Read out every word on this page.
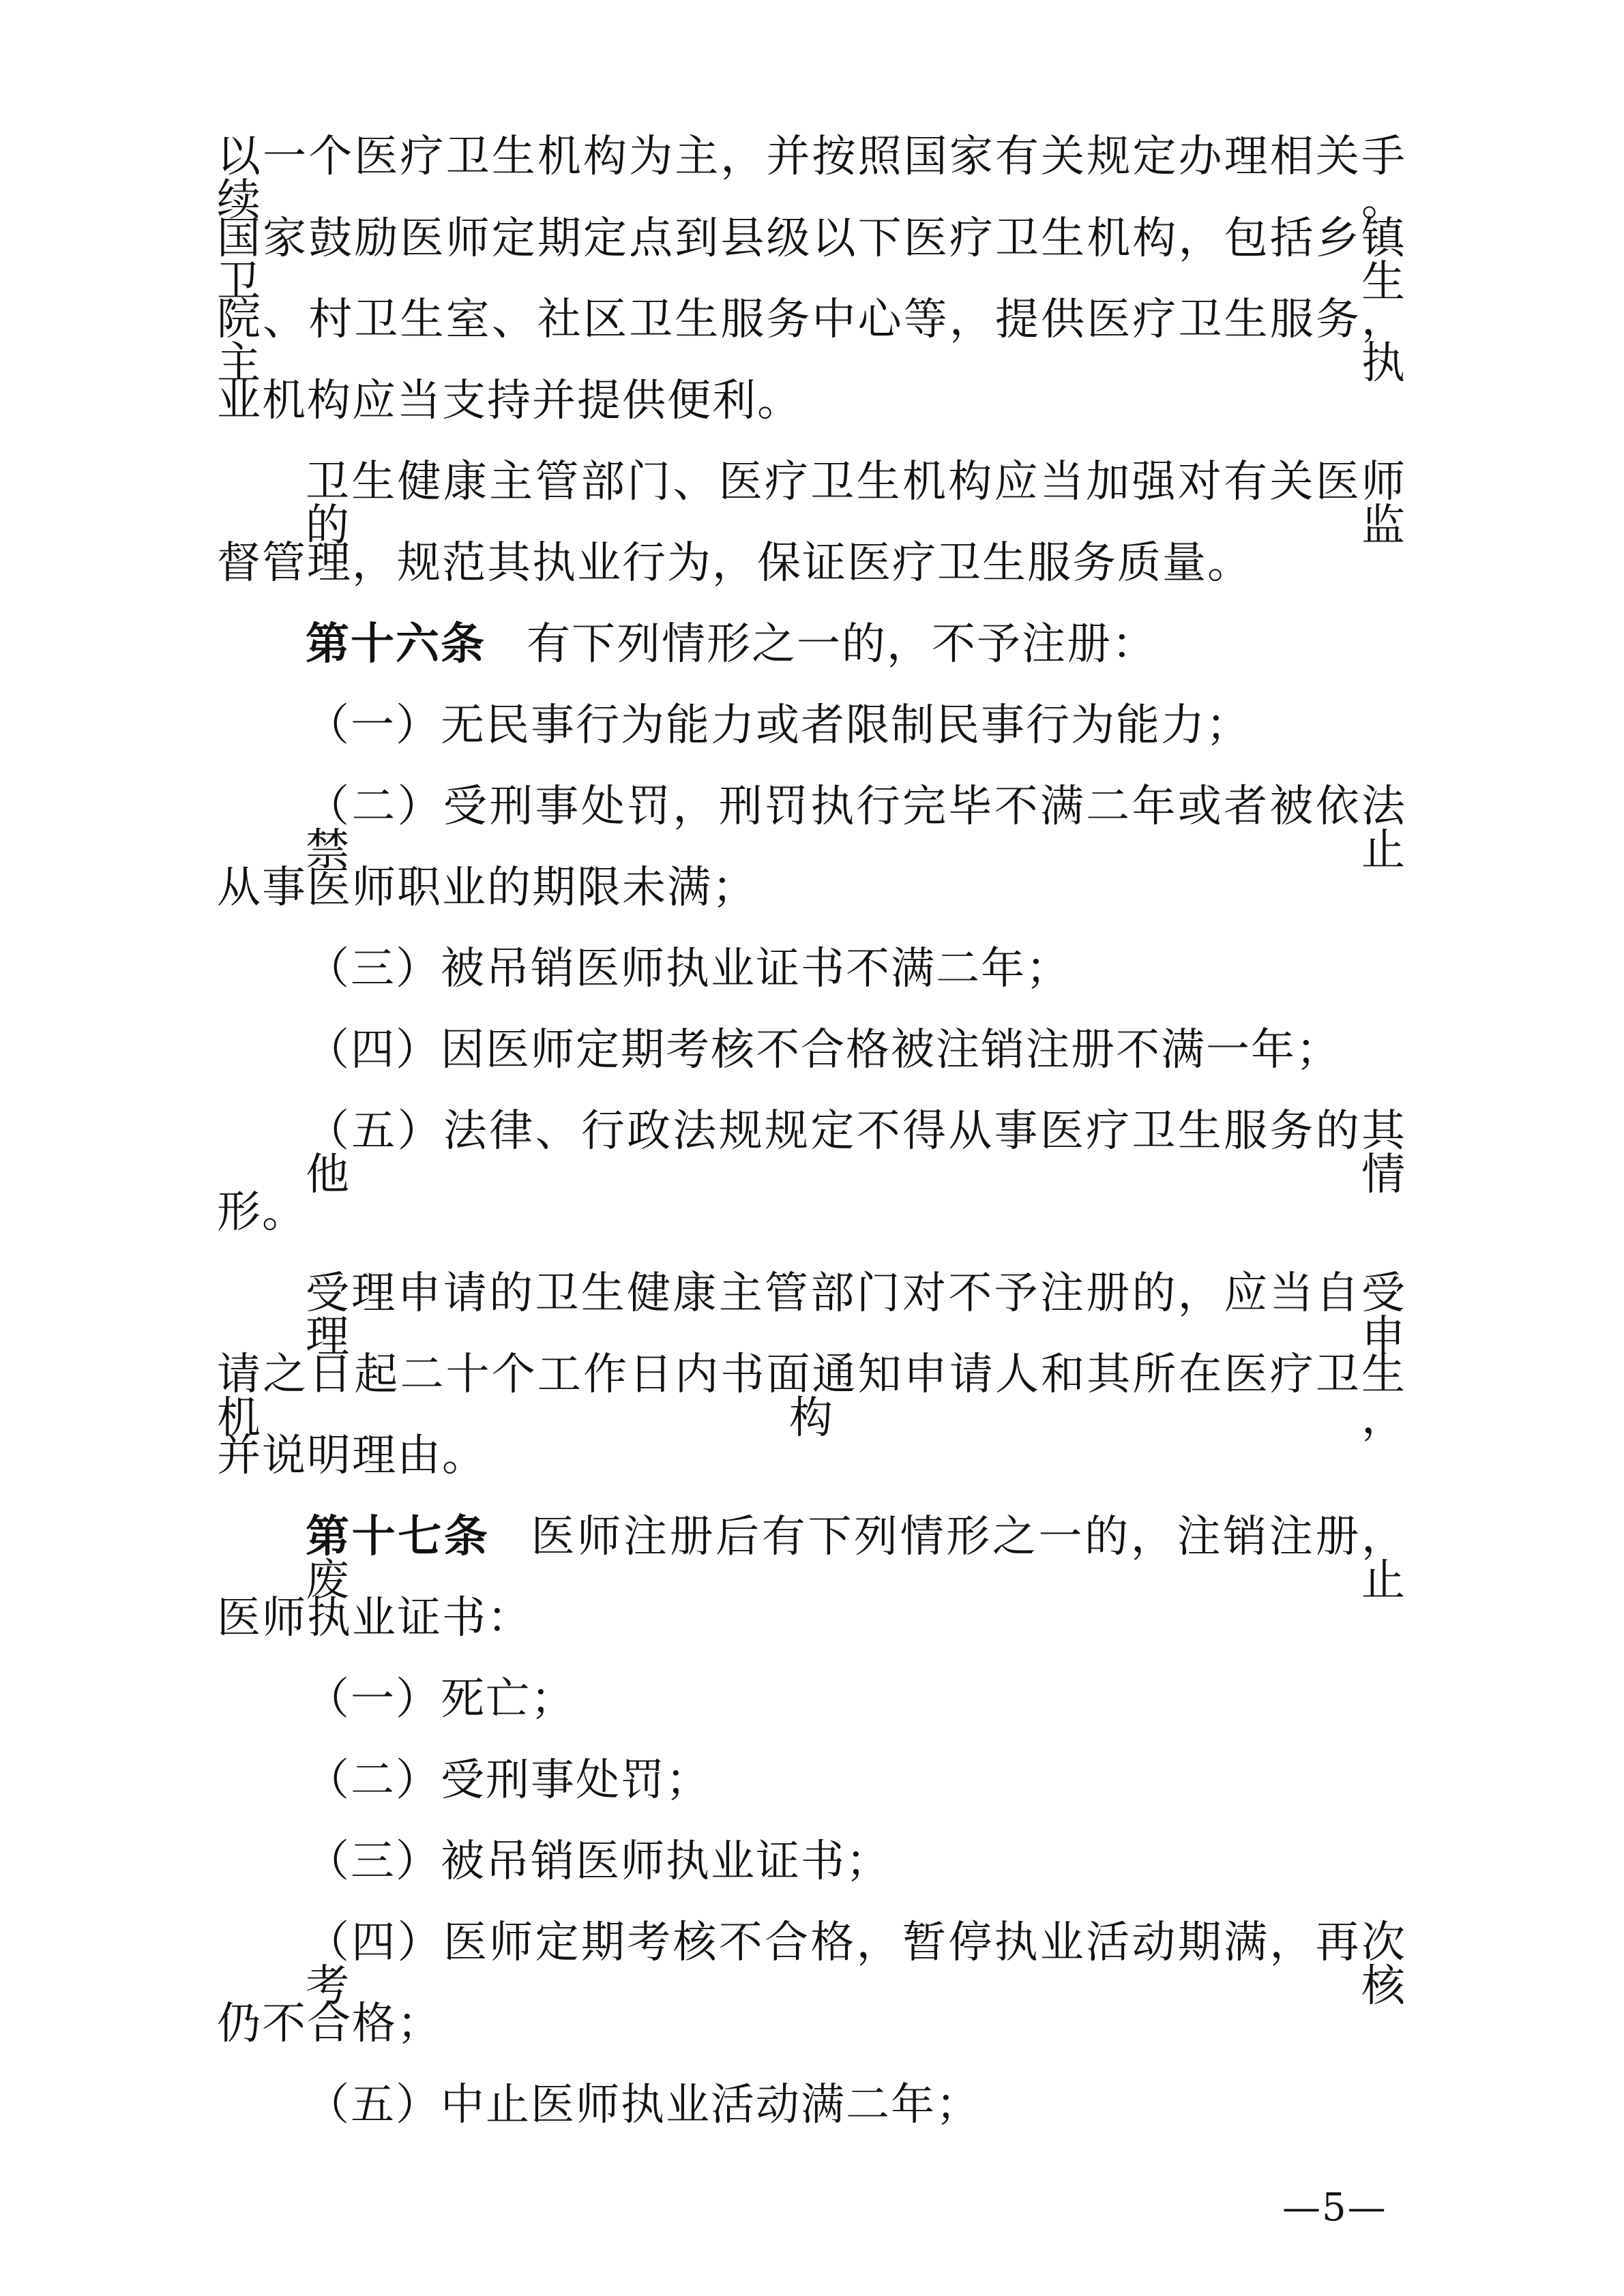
以一个医疗卫生机构为主，并按照国家有关规定办理相关手续。
国家鼓励医师定期定点到县级以下医疗卫生机构，包括乡镇卫生
院、村卫生室、社区卫生服务中心等，提供医疗卫生服务，主执
业机构应当支持并提供便利。
卫生健康主管部门、医疗卫生机构应当加强对有关医师的监
督管理，规范其执业行为，保证医疗卫生服务质量。
第十六条 有下列情形之一的，不予注册：
（一）无民事行为能力或者限制民事行为能力；
（二）受刑事处罚，刑罚执行完毕不满二年或者被依法禁止
从事医师职业的期限未满；
（三）被吊销医师执业证书不满二年；
（四）因医师定期考核不合格被注销注册不满一年；
（五）法律、行政法规规定不得从事医疗卫生服务的其他情
形。
受理申请的卫生健康主管部门对不予注册的，应当自受理申
请之日起二十个工作日内书面通知申请人和其所在医疗卫生机构，
并说明理由。
第十七条 医师注册后有下列情形之一的，注销注册，废止
医师执业证书：
（一）死亡；
（二）受刑事处罚；
（三）被吊销医师执业证书；
（四）医师定期考核不合格，暂停执业活动期满，再次考核
仍不合格；
（五）中止医师执业活动满二年；
—5—
